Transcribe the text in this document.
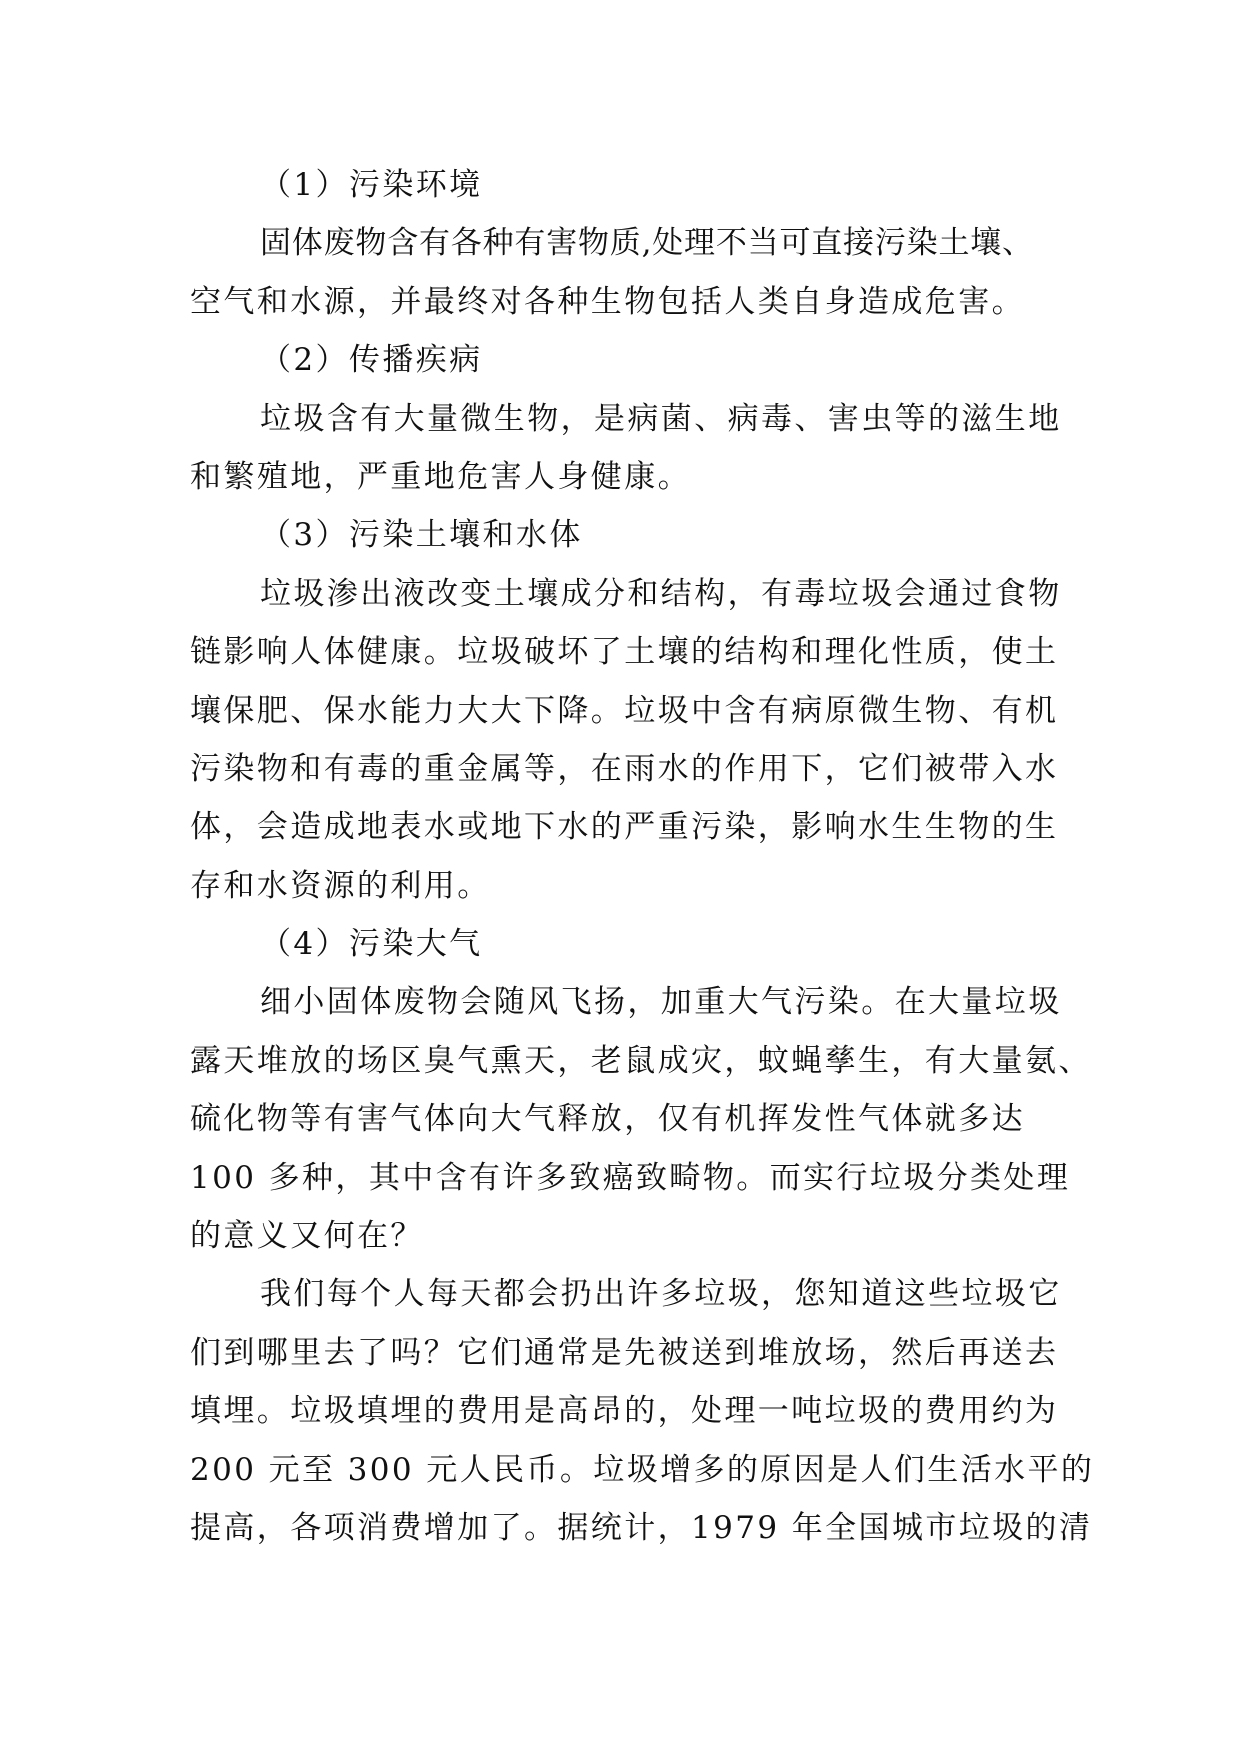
（1）污染环境
固体废物含有各种有害物质,处理不当可直接污染土壤、
空气和水源，并最终对各种生物包括人类自身造成危害。
（2）传播疾病
垃圾含有大量微生物，是病菌、病毒、害虫等的滋生地
和繁殖地，严重地危害人身健康。
（3）污染土壤和水体
垃圾渗出液改变土壤成分和结构，有毒垃圾会通过食物
链影响人体健康。垃圾破坏了土壤的结构和理化性质，使土
壤保肥、保水能力大大下降。垃圾中含有病原微生物、有机
污染物和有毒的重金属等，在雨水的作用下，它们被带入水
体，会造成地表水或地下水的严重污染，影响水生生物的生
存和水资源的利用。
（4）污染大气
细小固体废物会随风飞扬，加重大气污染。在大量垃圾
露天堆放的场区臭气熏天，老鼠成灾，蚊蝇孳生，有大量氨、
硫化物等有害气体向大气释放，仅有机挥发性气体就多达
100 多种，其中含有许多致癌致畸物。而实行垃圾分类处理
的意义又何在？
我们每个人每天都会扔出许多垃圾，您知道这些垃圾它
们到哪里去了吗？它们通常是先被送到堆放场，然后再送去
填埋。垃圾填埋的费用是高昂的，处理一吨垃圾的费用约为
200 元至 300 元人民币。垃圾增多的原因是人们生活水平的
提高，各项消费增加了。据统计，1979 年全国城市垃圾的清
